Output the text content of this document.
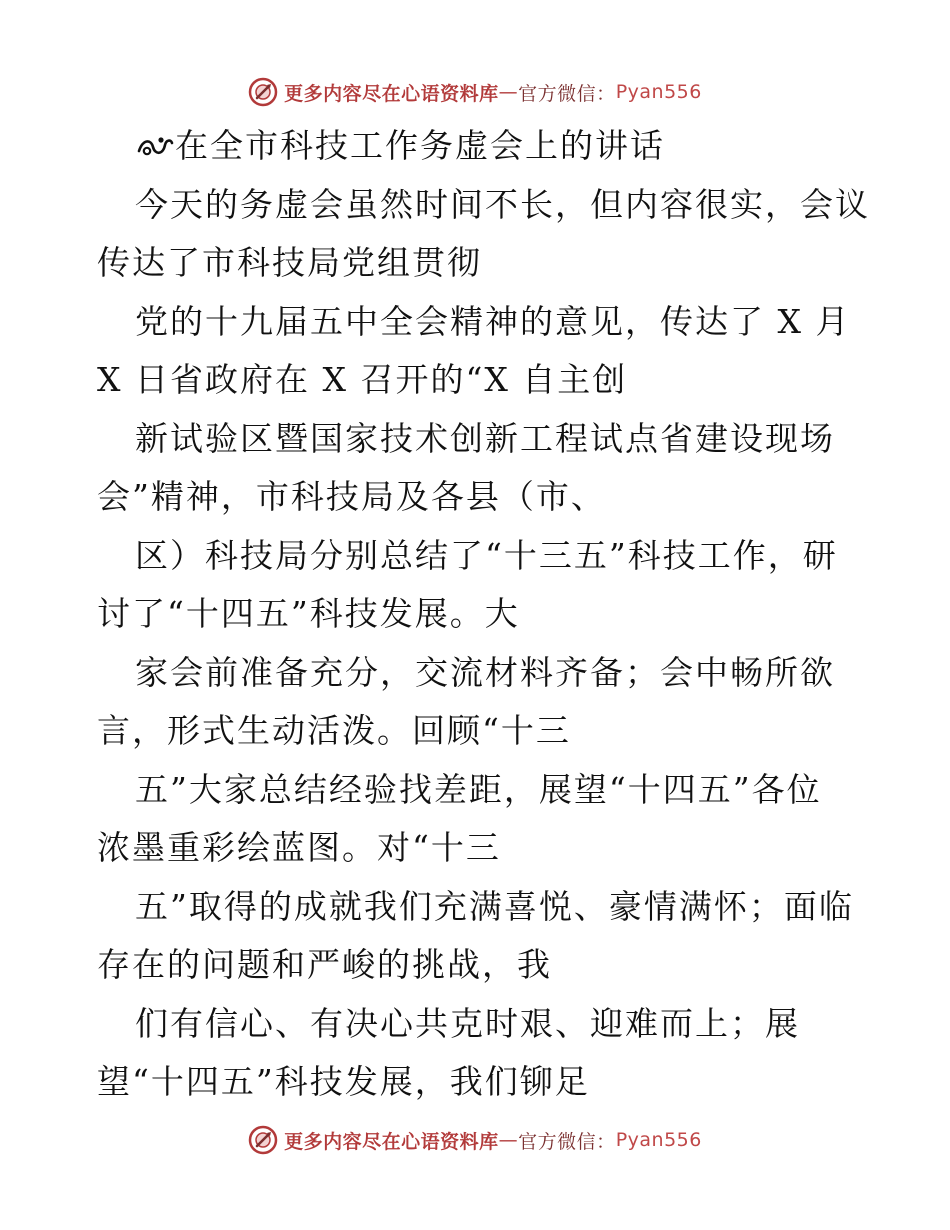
更多内容尽在心语资料库 — 官方微信： Pyan556
在全市科技工作务虚会上的讲话
今天的务虚会虽然时间不长，但内容很实，会议
传达了市科技局党组贯彻
党的十九届五中全会精神的意见，传达了 X 月
X 日省政府在 X 召开的“X 自主创
新试验区暨国家技术创新工程试点省建设现场
会”精神，市科技局及各县（市、
区）科技局分别总结了“十三五”科技工作，研
讨了“十四五”科技发展。大
家会前准备充分，交流材料齐备；会中畅所欲
言，形式生动活泼。回顾“十三
五”大家总结经验找差距，展望“十四五”各位
浓墨重彩绘蓝图。对“十三
五”取得的成就我们充满喜悦、豪情满怀；面临
存在的问题和严峻的挑战，我
们有信心、有决心共克时艰、迎难而上；展
望“十四五”科技发展，我们铆足
更多内容尽在心语资料库 — 官方微信： Pyan556
